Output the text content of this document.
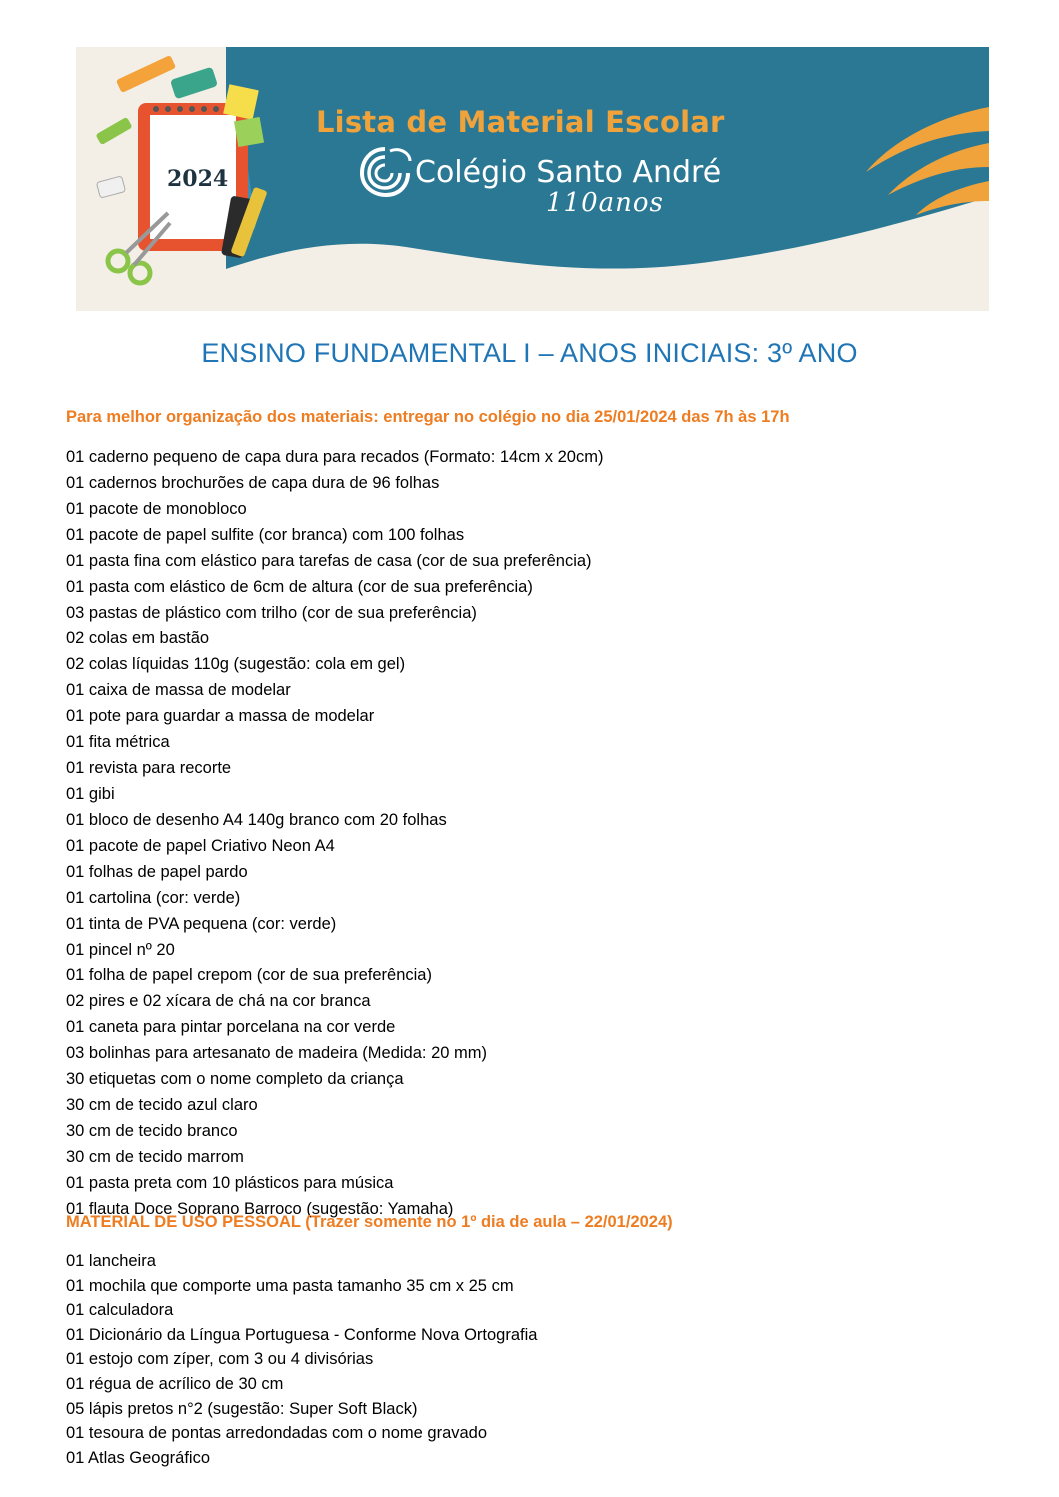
Lista de Material Escolar
2024	Colégio Santo André
110anos
ENSINO FUNDAMENTAL I – ANOS INICIAIS: 3º ANO
Para melhor organização dos materiais: entregar no colégio no dia 25/01/2024 das 7h às 17h
01 caderno pequeno de capa dura para recados (Formato: 14cm x 20cm)
01 cadernos brochurões de capa dura de 96 folhas
01 pacote de monobloco
01 pacote de papel sulfite (cor branca) com 100 folhas
01 pasta fina com elástico para tarefas de casa (cor de sua preferência)
01 pasta com elástico de 6cm de altura (cor de sua preferência)
03 pastas de plástico com trilho (cor de sua preferência)
02 colas em bastão
02 colas líquidas 110g (sugestão: cola em gel)
01 caixa de massa de modelar
01 pote para guardar a massa de modelar
01 fita métrica
01 revista para recorte
01 gibi
01 bloco de desenho A4 140g branco com 20 folhas
01 pacote de papel Criativo Neon A4
01 folhas de papel pardo
01 cartolina (cor: verde)
01 tinta de PVA pequena (cor: verde)
01 pincel nº 20
01 folha de papel crepom (cor de sua preferência)
02 pires e 02 xícara de chá na cor branca
01 caneta para pintar porcelana na cor verde
03 bolinhas para artesanato de madeira (Medida: 20 mm)
30 etiquetas com o nome completo da criança
30 cm de tecido azul claro
30 cm de tecido branco
30 cm de tecido marrom
01 pasta preta com 10 plásticos para música
01 flauta Doce Soprano Barroco (sugestão: Yamaha)
MATERIAL DE USO PESSOAL (Trazer somente no 1º dia de aula – 22/01/2024)
01 lancheira
01 mochila que comporte uma pasta tamanho 35 cm x 25 cm
01 calculadora
01 Dicionário da Língua Portuguesa - Conforme Nova Ortografia
01 estojo com zíper, com 3 ou 4 divisórias
01 régua de acrílico de 30 cm
05 lápis pretos n°2 (sugestão: Super Soft Black)
01 tesoura de pontas arredondadas com o nome gravado
01 Atlas Geográfico
